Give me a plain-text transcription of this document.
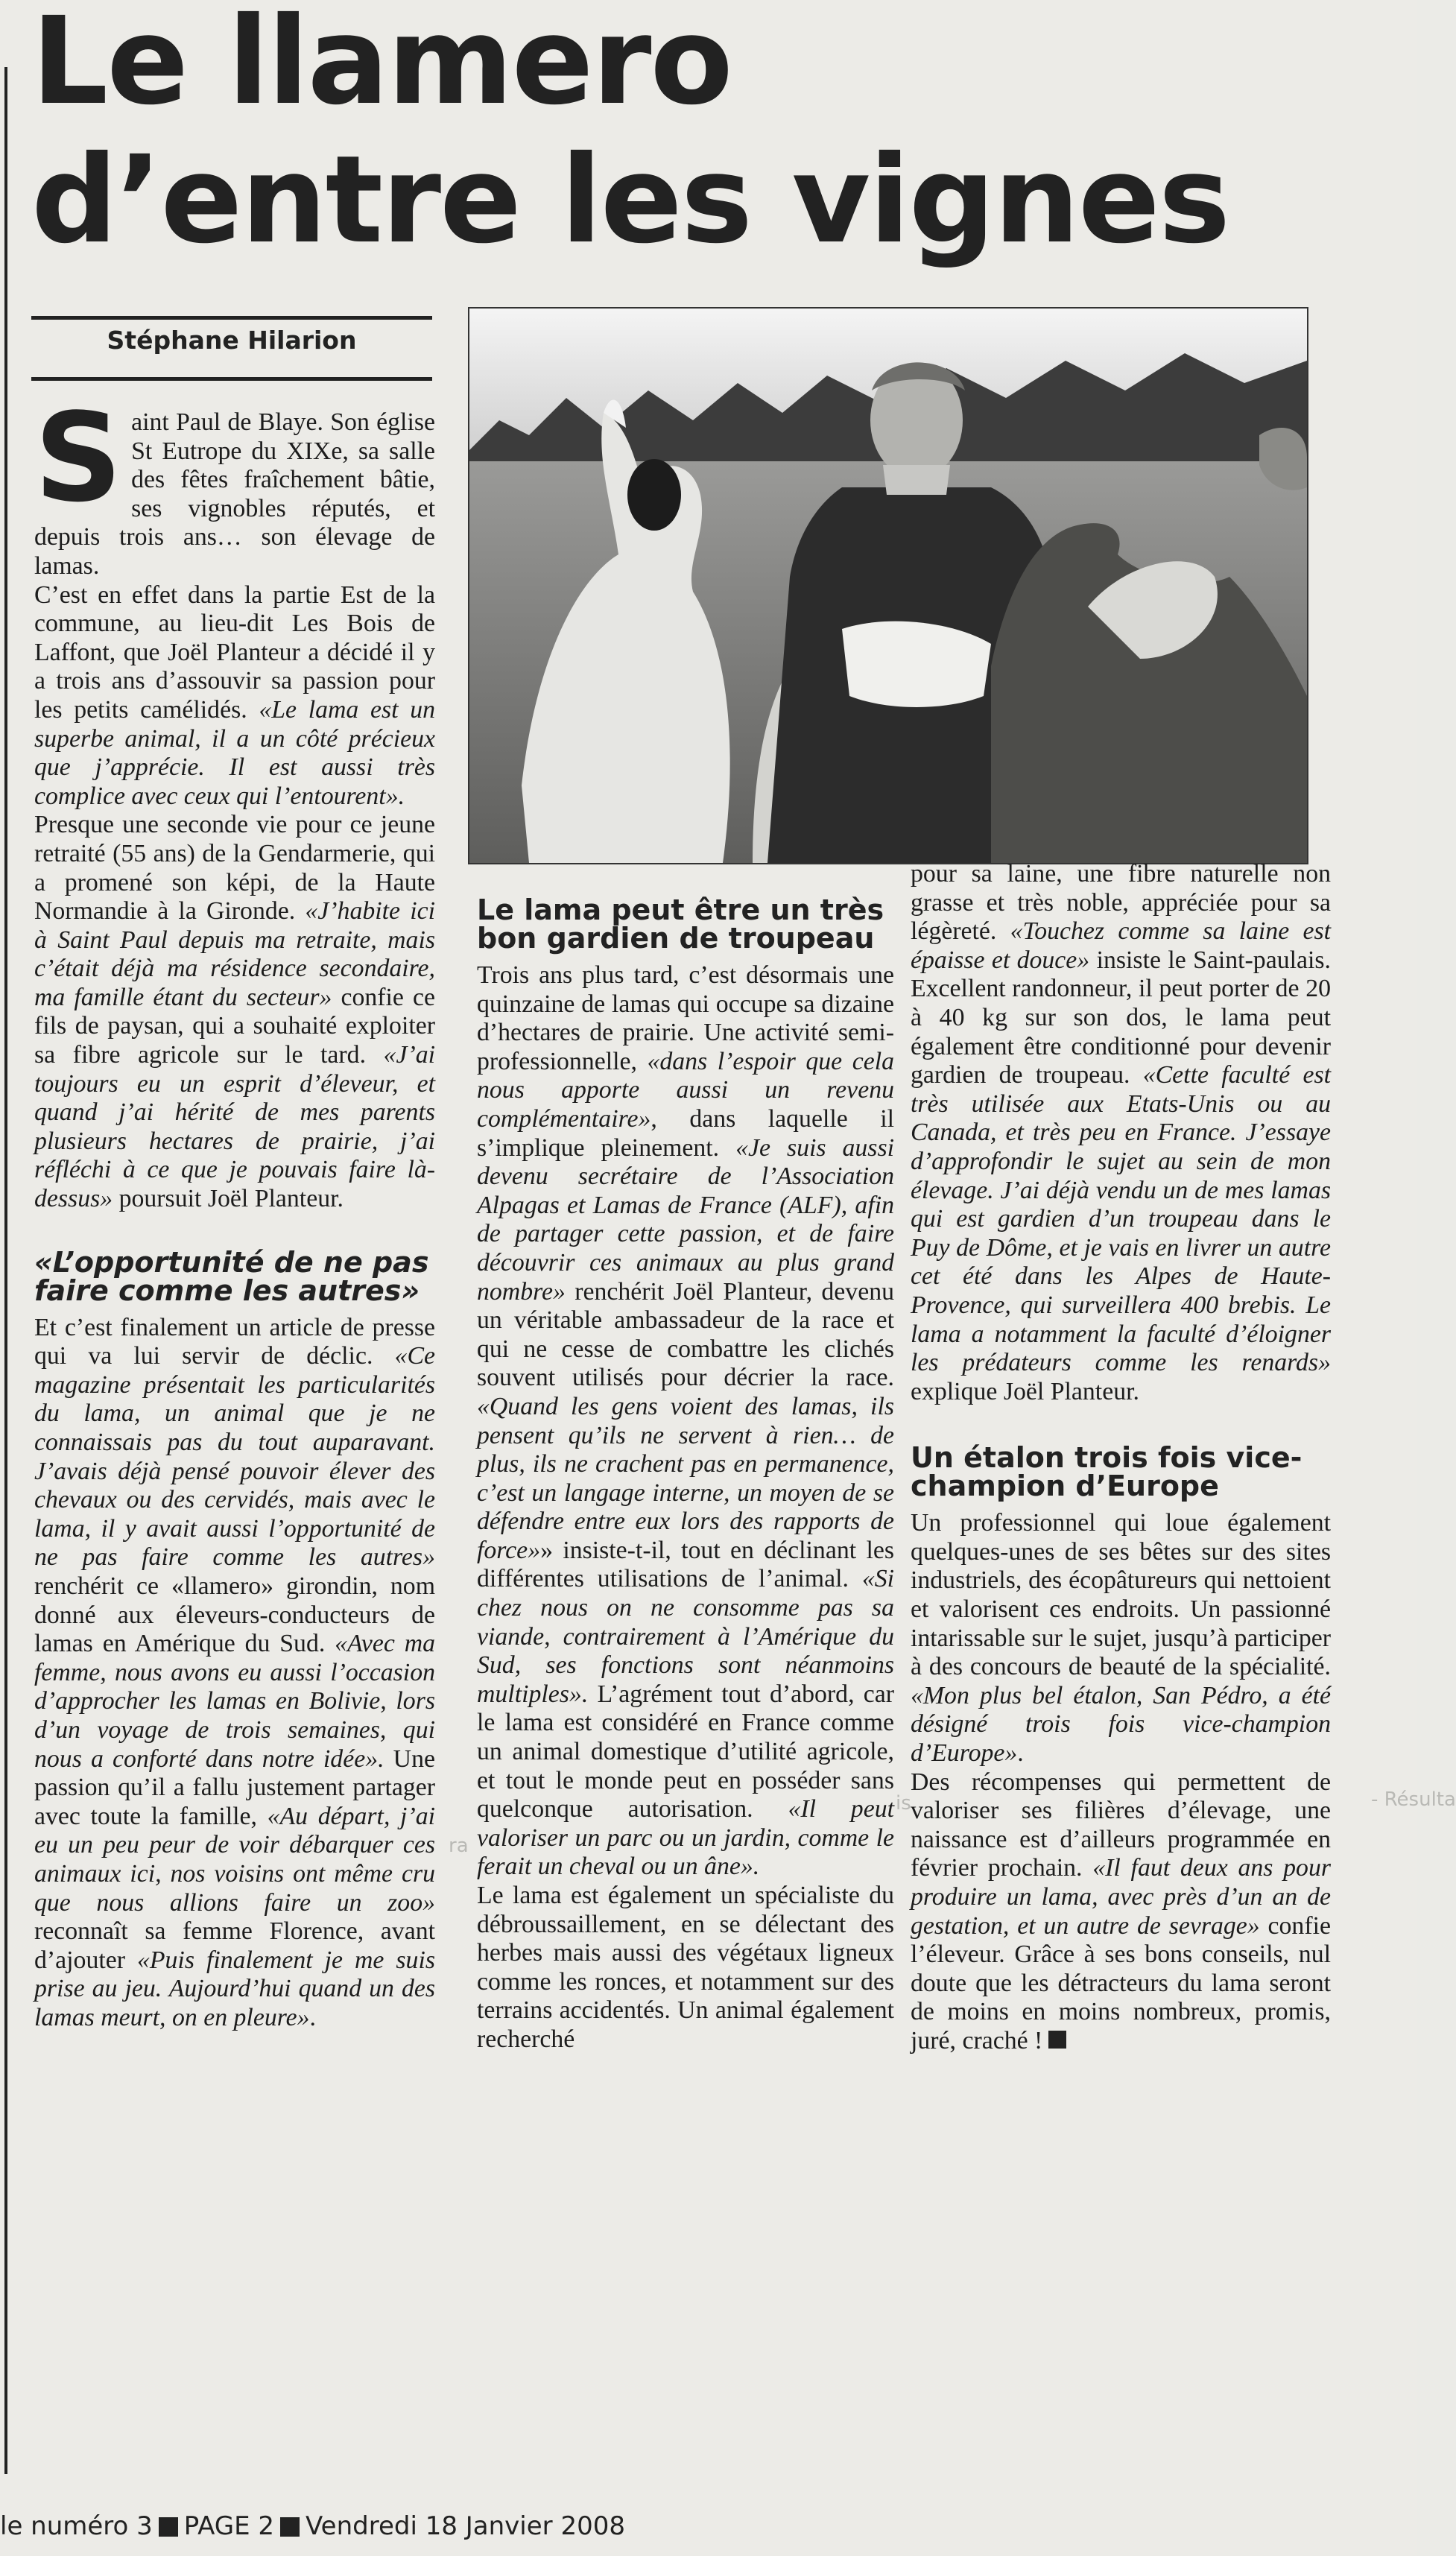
Le llamero
d’entre les vignes

Stéphane Hilarion

Saint Paul de Blaye. Son église St Eutrope du XIXe, sa salle des fêtes fraîchement bâtie, ses vignobles réputés, et depuis trois ans… son élevage de lamas.

C’est en effet dans la partie Est de la commune, au lieu-dit Les Bois de Laffont, que Joël Planteur a décidé il y a trois ans d’assouvir sa passion pour les petits camélidés. «Le lama est un superbe animal, il a un côté précieux que j’apprécie. Il est aussi très complice avec ceux qui l’entourent».

Presque une seconde vie pour ce jeune retraité (55 ans) de la Gendarmerie, qui a promené son képi, de la Haute Normandie à la Gironde. «J’habite ici à Saint Paul depuis ma retraite, mais c’était déjà ma résidence secondaire, ma famille étant du secteur» confie ce fils de paysan, qui a souhaité exploiter sa fibre agricole sur le tard. «J’ai toujours eu un esprit d’éleveur, et quand j’ai hérité de mes parents plusieurs hectares de prairie, j’ai réfléchi à ce que je pouvais faire là-dessus» poursuit Joël Planteur.

«L’opportunité de ne pas faire comme les autres»

Et c’est finalement un article de presse qui va lui servir de déclic. «Ce magazine présentait les particularités du lama, un animal que je ne connaissais pas du tout auparavant. J’avais déjà pensé pouvoir élever des chevaux ou des cervidés, mais avec le lama, il y avait aussi l’opportunité de ne pas faire comme les autres» renchérit ce «llamero» girondin, nom donné aux éleveurs-conducteurs de lamas en Amérique du Sud. «Avec ma femme, nous avons eu aussi l’occasion d’approcher les lamas en Bolivie, lors d’un voyage de trois semaines, qui nous a conforté dans notre idée». Une passion qu’il a fallu justement partager avec toute la famille, «Au départ, j’ai eu un peu peur de voir débarquer ces animaux ici, nos voisins ont même cru que nous allions faire un zoo» reconnaît sa femme Florence, avant d’ajouter «Puis finalement je me suis prise au jeu. Aujourd’hui quand un des lamas meurt, on en pleure».

Le lama peut être un très bon gardien de troupeau

Trois ans plus tard, c’est désormais une quinzaine de lamas qui occupe sa dizaine d’hectares de prairie. Une activité semi-professionnelle, «dans l’espoir que cela nous apporte aussi un revenu complémentaire», dans laquelle il s’implique pleinement. «Je suis aussi devenu secrétaire de l’Association Alpagas et Lamas de France (ALF), afin de partager cette passion, et de faire découvrir ces animaux au plus grand nombre» renchérit Joël Planteur, devenu un véritable ambassadeur de la race et qui ne cesse de combattre les clichés souvent utilisés pour décrier la race. «Quand les gens voient des lamas, ils pensent qu’ils ne servent à rien… de plus, ils ne crachent pas en permanence, c’est un langage interne, un moyen de se défendre entre eux lors des rapports de force»» insiste-t-il, tout en déclinant les différentes utilisations de l’animal. «Si chez nous on ne consomme pas sa viande, contrairement à l’Amérique du Sud, ses fonctions sont néanmoins multiples». L’agrément tout d’abord, car le lama est considéré en France comme un animal domestique d’utilité agricole, et tout le monde peut en posséder sans quelconque autorisation. «Il peut valoriser un parc ou un jardin, comme le ferait un cheval ou un âne».

Le lama est également un spécialiste du débroussaillement, en se délectant des herbes mais aussi des végétaux ligneux comme les ronces, et notamment sur des terrains accidentés. Un animal également recherché

pour sa laine, une fibre naturelle non grasse et très noble, appréciée pour sa légèreté. «Touchez comme sa laine est épaisse et douce» insiste le Saint-paulais. Excellent randonneur, il peut porter de 20 à 40 kg sur son dos, le lama peut également être conditionné pour devenir gardien de troupeau. «Cette faculté est très utilisée aux Etats-Unis ou au Canada, et très peu en France. J’essaye d’approfondir le sujet au sein de mon élevage. J’ai déjà vendu un de mes lamas qui est gardien d’un troupeau dans le Puy de Dôme, et je vais en livrer un autre cet été dans les Alpes de Haute-Provence, qui surveillera 400 brebis. Le lama a notamment la faculté d’éloigner les prédateurs comme les renards» explique Joël Planteur.

Un étalon trois fois vice-champion d’Europe

Un professionnel qui loue également quelques-unes de ses bêtes sur des sites industriels, des écopâtureurs qui nettoient et valorisent ces endroits. Un passionné intarissable sur le sujet, jusqu’à participer à des concours de beauté de la spécialité. «Mon plus bel étalon, San Pédro, a été désigné trois fois vice-champion d’Europe».

Des récompenses qui permettent de valoriser ses filières d’élevage, une naissance est d’ailleurs programmée en février prochain. «Il faut deux ans pour produire un lama, avec près d’un an de gestation, et un autre de sevrage» confie l’éleveur. Grâce à ses bons conseils, nul doute que les détracteurs du lama seront de moins en moins nombreux, promis, juré, craché !

- Résulta
is
ra

le numéro 3 PAGE 2 Vendredi 18 Janvier 2008
